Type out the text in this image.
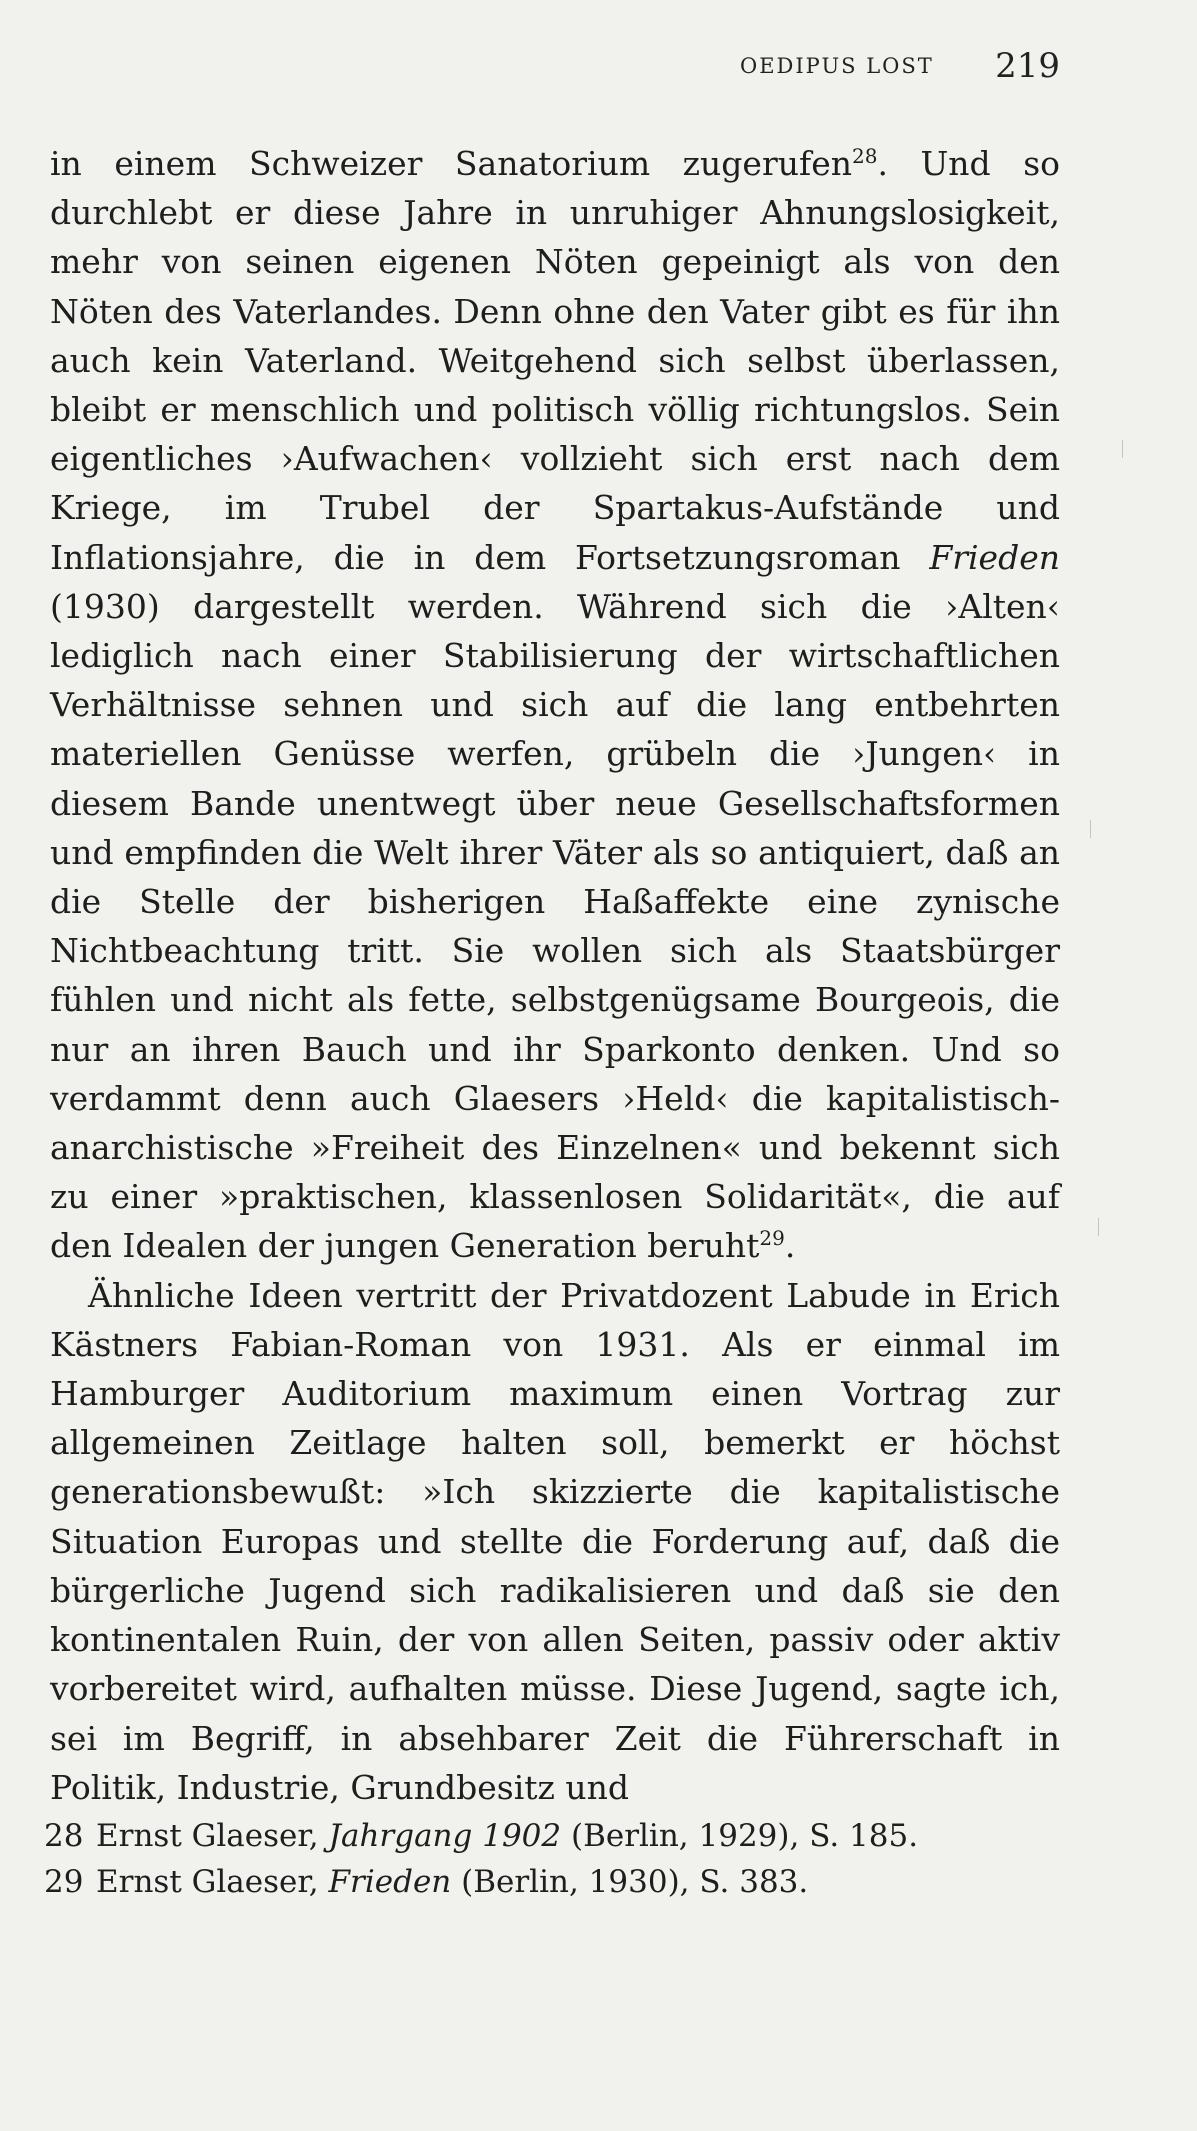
OEDIPUS LOST 219

in einem Schweizer Sanatorium zugerufen$^{28}$. Und so durchlebt er diese Jahre in unruhiger Ahnungslosigkeit, mehr von seinen eigenen Nöten gepeinigt als von den Nöten des Vaterlandes. Denn ohne den Vater gibt es für ihn auch kein Vaterland. Weitgehend sich selbst überlassen, bleibt er menschlich und politisch völlig richtungslos. Sein eigentliches ›Aufwachen‹ vollzieht sich erst nach dem Kriege, im Trubel der Spartakus-Aufstände und Inflationsjahre, die in dem Fortsetzungsroman Frieden (1930) dargestellt werden. Während sich die ›Alten‹ lediglich nach einer Stabilisierung der wirtschaftlichen Verhältnisse sehnen und sich auf die lang entbehrten materiellen Genüsse werfen, grübeln die ›Jungen‹ in diesem Bande unentwegt über neue Gesellschaftsformen und empfinden die Welt ihrer Väter als so antiquiert, daß an die Stelle der bisherigen Haßaffekte eine zynische Nichtbeachtung tritt. Sie wollen sich als Staatsbürger fühlen und nicht als fette, selbstgenügsame Bourgeois, die nur an ihren Bauch und ihr Sparkonto denken. Und so verdammt denn auch Glaesers ›Held‹ die kapitalistisch-anarchistische »Freiheit des Einzelnen« und bekennt sich zu einer »praktischen, klassenlosen Solidarität«, die auf den Idealen der jungen Generation beruht$^{29}$.

Ähnliche Ideen vertritt der Privatdozent Labude in Erich Kästners Fabian-Roman von 1931. Als er einmal im Hamburger Auditorium maximum einen Vortrag zur allgemeinen Zeitlage halten soll, bemerkt er höchst generationsbewußt: »Ich skizzierte die kapitalistische Situation Europas und stellte die Forderung auf, daß die bürgerliche Jugend sich radikalisieren und daß sie den kontinentalen Ruin, der von allen Seiten, passiv oder aktiv vorbereitet wird, aufhalten müsse. Diese Jugend, sagte ich, sei im Begriff, in absehbarer Zeit die Führerschaft in Politik, Industrie, Grundbesitz und

28 Ernst Glaeser, Jahrgang 1902 (Berlin, 1929), S. 185.
29 Ernst Glaeser, Frieden (Berlin, 1930), S. 383.
